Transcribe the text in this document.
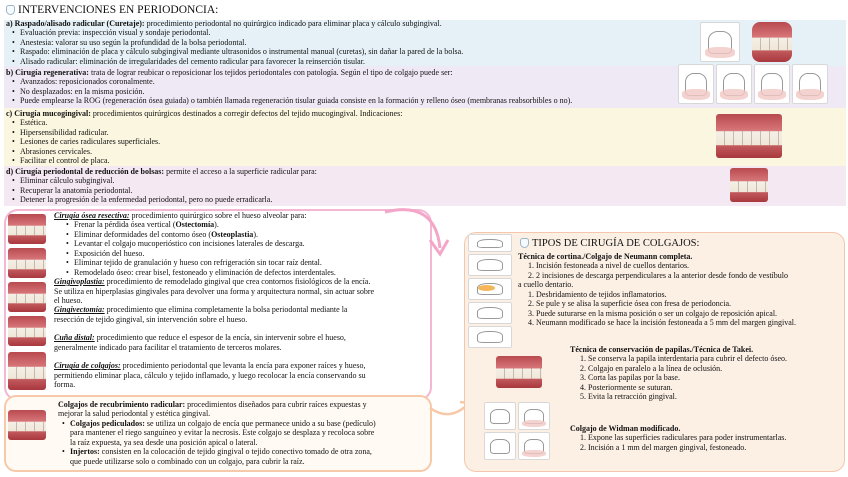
INTERVENCIONES EN PERIODONCIA:
a) Raspado/alisado radicular (Curetaje): procedimiento periodontal no quirúrgico indicado para eliminar placa y cálculo subgingival.
• Evaluación previa: inspección visual y sondaje periodontal.
• Anestesia: valorar su uso según la profundidad de la bolsa periodontal.
• Raspado: eliminación de placa y cálculo subgingival mediante ultrasonidos o instrumental manual (curetas), sin dañar la pared de la bolsa.
• Alisado radicular: eliminación de irregularidades del cemento radicular para favorecer la reinserción tisular.
b) Cirugía regenerativa: trata de lograr reubicar o reposicionar los tejidos periodontales con patología. Según el tipo de colgajo puede ser:
• Avanzados: reposicionados coronalmente.
• No desplazados: en la misma posición.
• Puede emplearse la ROG (regeneración ósea guiada) o también llamada regeneración tisular guiada consiste en la formación y relleno óseo (membranas reabsorbibles o no).
c) Cirugía mucogingival: procedimientos quirúrgicos destinados a corregir defectos del tejido mucogingival. Indicaciones:
• Estética.
• Hipersensibilidad radicular.
• Lesiones de caries radiculares superficiales.
• Abrasiones cervicales.
• Facilitar el control de placa.
d) Cirugía periodontal de reducción de bolsas: permite el acceso a la superficie radicular para:
• Eliminar cálculo subgingival.
• Recuperar la anatomía periodontal.
• Detener la progresión de la enfermedad periodontal, pero no puede erradicarla.
Cirugía ósea resectiva: procedimiento quirúrgico sobre el hueso alveolar para:
• Frenar la pérdida ósea vertical (Ostectomía).
• Eliminar deformidades del contorno óseo (Osteoplastia).
• Levantar el colgajo mucoperióstico con incisiones laterales de descarga.
• Exposición del hueso.
• Eliminar tejido de granulación y hueso con refrigeración sin tocar raíz dental.
• Remodelado óseo: crear bisel, festoneado y eliminación de defectos interdentales.
Gingivoplastia: procedimiento de remodelado gingival que crea contornos fisiológicos de la encía.
Se utiliza en hiperplasias gingivales para devolver una forma y arquitectura normal, sin actuar sobre
el hueso.
Gingivectomía: procedimiento que elimina completamente la bolsa periodontal mediante la
resección de tejido gingival, sin intervención sobre el hueso.
Cuña distal: procedimiento que reduce el espesor de la encía, sin intervenir sobre el hueso,
generalmente indicado para facilitar el tratamiento de terceros molares.
Cirugía de colgajos: procedimiento periodontal que levanta la encía para exponer raíces y hueso,
permitiendo eliminar placa, cálculo y tejido inflamado, y luego recolocar la encía conservando su
forma.
Colgajos de recubrimiento radicular: procedimientos diseñados para cubrir raíces expuestas y
mejorar la salud periodontal y estética gingival.
• Colgajos pediculados: se utiliza un colgajo de encía que permanece unido a su base (pedículo)
para mantener el riego sanguíneo y evitar la necrosis. Este colgajo se desplaza y recoloca sobre
la raíz expuesta, ya sea desde una posición apical o lateral.
• Injertos: consisten en la colocación de tejido gingival o tejido conectivo tomado de otra zona,
que puede utilizarse solo o combinado con un colgajo, para cubrir la raíz.
TIPOS DE CIRUGÍA DE COLGAJOS:
Técnica de cortina./Colgajo de Neumann completa.
1. Incisión festoneada a nivel de cuellos dentarios.
2. 2 incisiones de descarga perpendiculares a la anterior desde fondo de vestíbulo
a cuello dentario.
1. Desbridamiento de tejidos inflamatorios.
2. Se pule y se alisa la superficie ósea con fresa de periodoncia.
3. Puede suturarse en la misma posición o ser un colgajo de reposición apical.
4. Neumann modificado se hace la incisión festoneada a 5 mm del margen gingival.
Técnica de conservación de papilas./Técnica de Takei.
1. Se conserva la papila interdentaria para cubrir el defecto óseo.
2. Colgajo en paralelo a la línea de oclusión.
3. Corta las papilas por la base.
4. Posteriormente se suturan.
5. Evita la retracción gingival.
Colgajo de Widman modificado.
1. Expone las superficies radiculares para poder instrumentarlas.
2. Incisión a 1 mm del margen gingival, festoneado.
